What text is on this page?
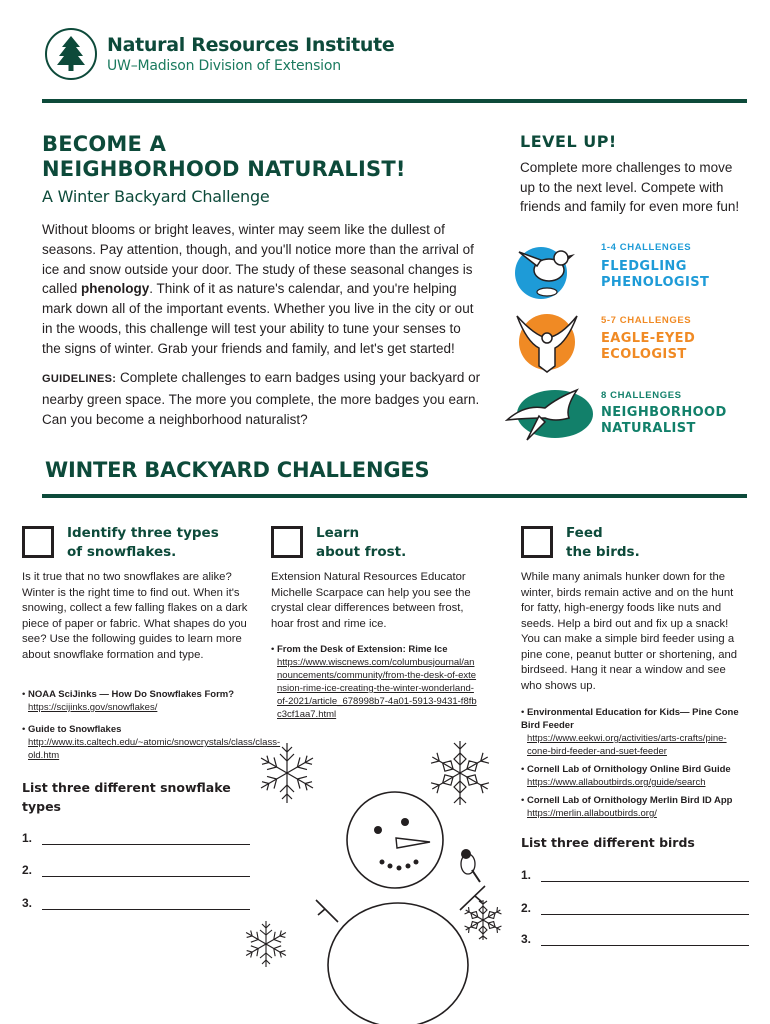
Natural Resources Institute
UW–Madison Division of Extension
BECOME A
NEIGHBORHOOD NATURALIST!
A Winter Backyard Challenge
Without blooms or bright leaves, winter may seem like the dullest of seasons. Pay attention, though, and you'll notice more than the arrival of ice and snow outside your door. The study of these seasonal changes is called phenology. Think of it as nature's calendar, and you're helping mark down all of the important events. Whether you live in the city or out in the woods, this challenge will test your ability to tune your senses to the signs of winter. Grab your friends and family, and let's get started!
GUIDELINES: Complete challenges to earn badges using your backyard or nearby green space. The more you complete, the more badges you earn. Can you become a neighborhood naturalist?
LEVEL UP!
Complete more challenges to move up to the next level. Compete with friends and family for even more fun!
1-4 CHALLENGES
FLEDGLING
PHENOLOGIST
5-7 CHALLENGES
EAGLE-EYED
ECOLOGIST
8 CHALLENGES
NEIGHBORHOOD
NATURALIST
WINTER BACKYARD CHALLENGES
Identify three types
of snowflakes.
Is it true that no two snowflakes are alike? Winter is the right time to find out. When it's snowing, collect a few falling flakes on a dark piece of paper or fabric. What shapes do you see? Use the following guides to learn more about snowflake formation and type.
• NOAA SciJinks — How Do Snowflakes Form?
https://scijinks.gov/snowflakes/
• Guide to Snowflakes
http://www.its.caltech.edu/~atomic/snowcrystals/class/class-old.htm
List three different snowflake
types
1.
2.
3.
Learn
about frost.
Extension Natural Resources Educator Michelle Scarpace can help you see the crystal clear differences between frost, hoar frost and rime ice.
• From the Desk of Extension: Rime Ice
https://www.wiscnews.com/columbusjournal/announcements/community/from-the-desk-of-extension-rime-ice-creating-the-winter-wonderland-of-2021/article_678998b7-4a01-5913-9431-f8fbc3cf1aa7.html
Feed
the birds.
While many animals hunker down for the winter, birds remain active and on the hunt for fatty, high-energy foods like nuts and seeds. Help a bird out and fix up a snack! You can make a simple bird feeder using a pine cone, peanut butter or shortening, and birdseed. Hang it near a window and see who shows up.
• Environmental Education for Kids— Pine Cone Bird Feeder
https://www.eekwi.org/activities/arts-crafts/pine-cone-bird-feeder-and-suet-feeder
• Cornell Lab of Ornithology Online Bird Guide
https://www.allaboutbirds.org/guide/search
• Cornell Lab of Ornithology Merlin Bird ID App
https://merlin.allaboutbirds.org/
List three different birds
1.
2.
3.
